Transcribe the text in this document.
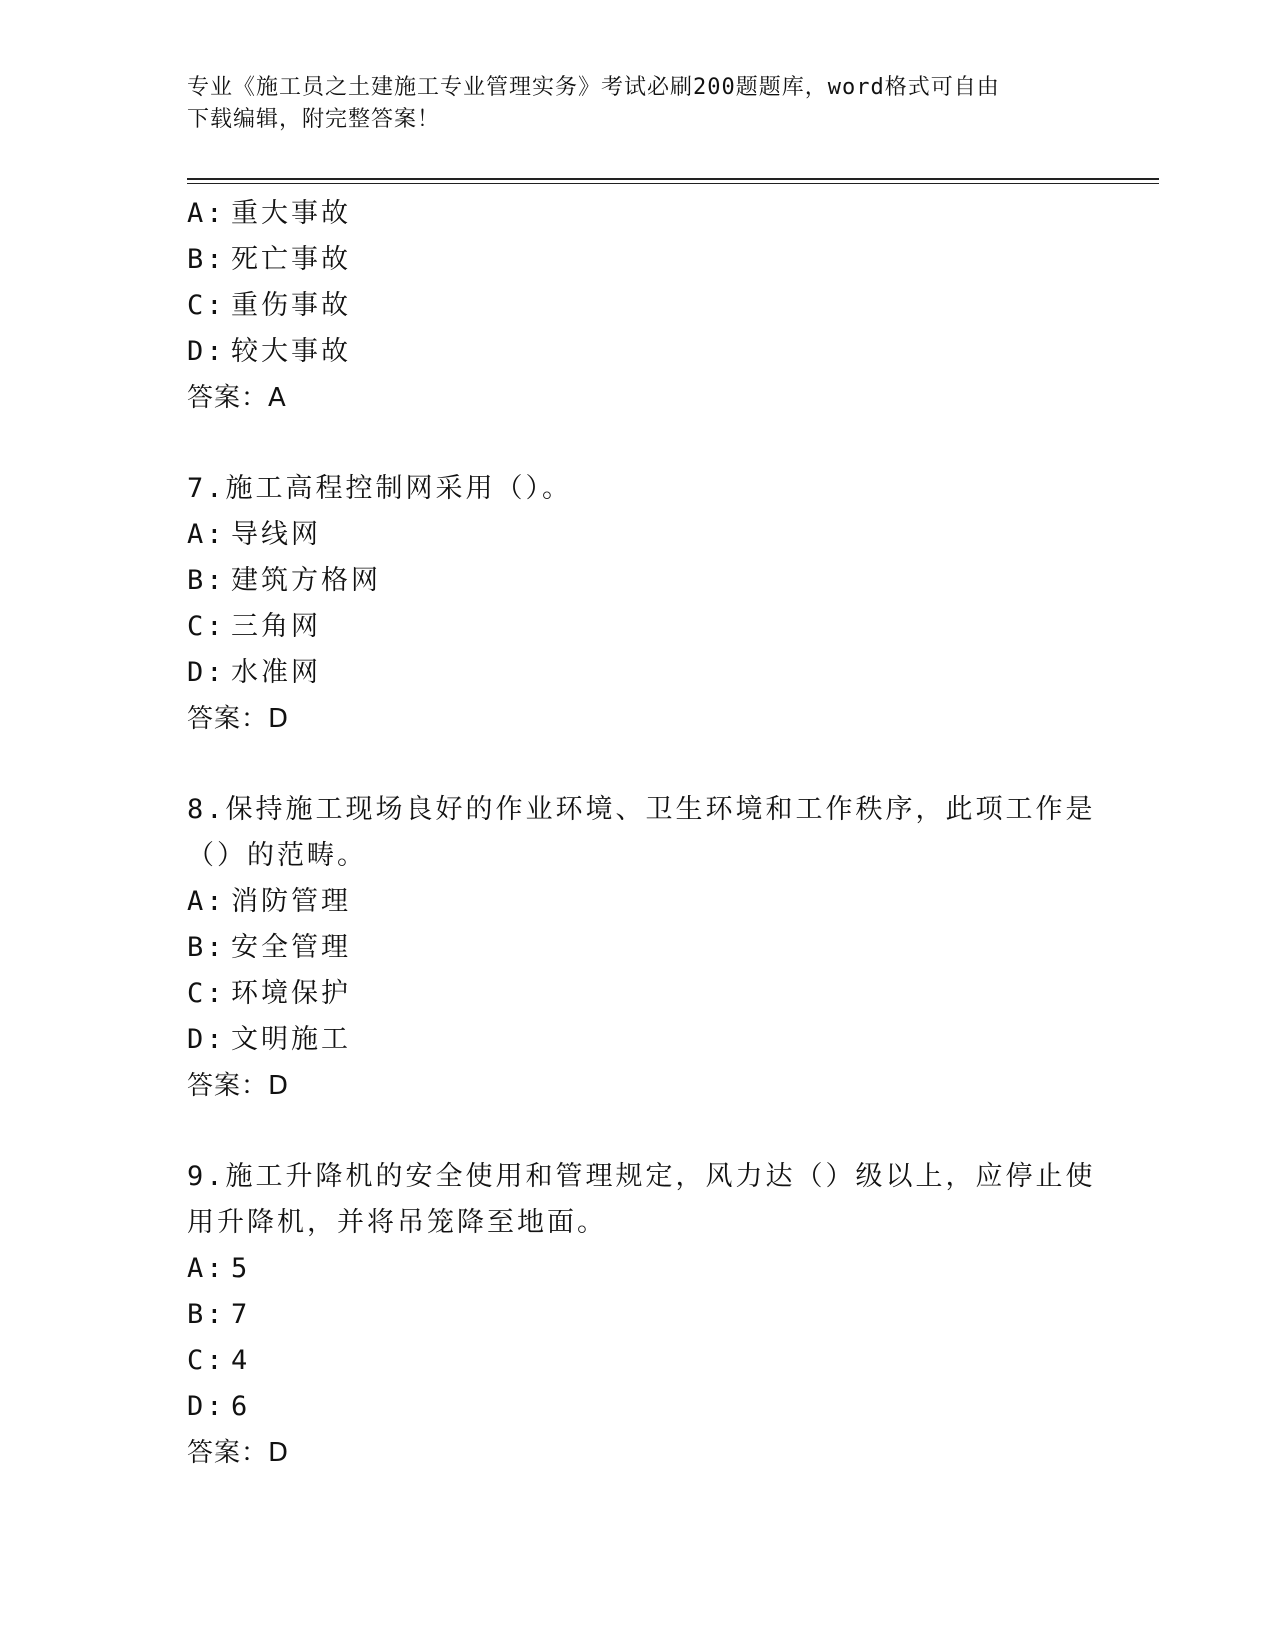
专业《施工员之土建施工专业管理实务》考试必刷200题题库，word格式可自由
下载编辑，附完整答案！
A: 重大事故
B: 死亡事故
C: 重伤事故
D: 较大事故
答案：A
7.施工高程控制网采用（）。
A: 导线网
B: 建筑方格网
C: 三角网
D: 水准网
答案：D
8.保持施工现场良好的作业环境、卫生环境和工作秩序，此项工作是
（）的范畴。
A: 消防管理
B: 安全管理
C: 环境保护
D: 文明施工
答案：D
9.施工升降机的安全使用和管理规定，风力达（）级以上，应停止使
用升降机，并将吊笼降至地面。
A: 5
B: 7
C: 4
D: 6
答案：D
